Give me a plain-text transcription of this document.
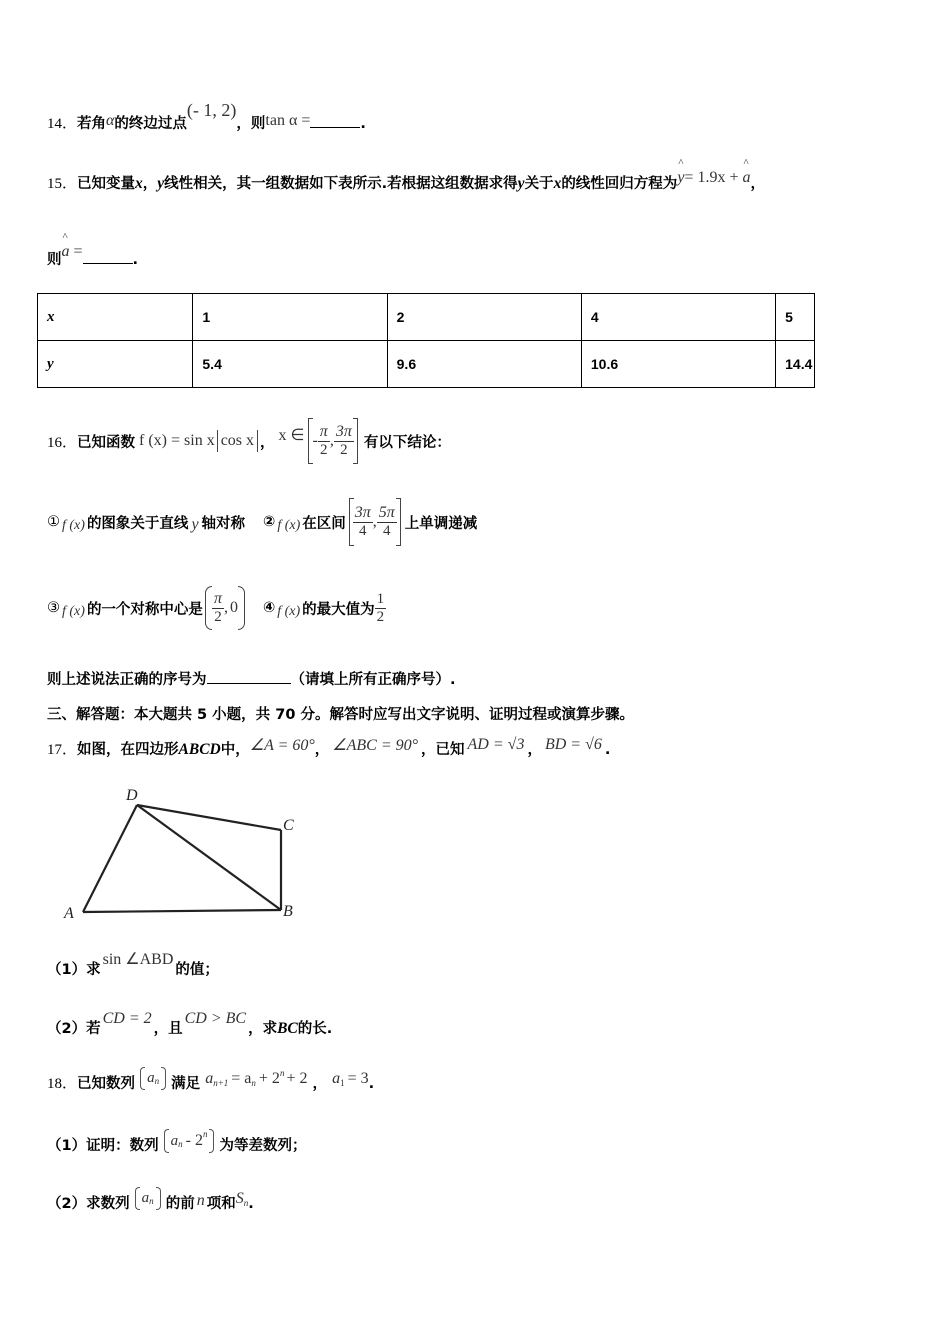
14．若角α的终边过点(- 1, 2)，则tan α =	.
15．已知变量x，y线性相关，其一组数据如下表所示.若根据这组数据求得y关于x的线性回归方程为^ y= 1.9x + ^ a，
则^ a =	.
x	1	2	4	5
y	5.4	9.6	10.6	14.4
16． 已知函数 f (x) = sin x cos x ， x ∈ - $\frac{\pi}{2}$ , $\frac{3\pi}{2}$ 有以下结论：
① f (x) 的图象关于直线 y 轴对称 ② f (x) 在区间 $\frac{3\pi}{4}$ , $\frac{5\pi}{4}$ 上单调递减
③ f (x) 的一个对称中心是 $\frac{\pi}{2}$ , 0 ④ f (x) 的最大值为 $\frac{1}{2}$
则上述说法正确的序号为	（请填上所有正确序号）.
三、解答题：本大题共 5 小题，共 70 分。解答时应写出文字说明、证明过程或演算步骤。
17．如图，在四边形ABCD中，∠A = 60°， ∠ABC = 90° ，已知 AD = √3 ， BD = √6 .
A	B
C
D
（1）求sin ∠ABD的值；
（2）若CD = 2，且CD > BC，求BC的长.
18．已知数列 a n 满足 $a_{n+1} = a_n + 2^n + 2$ ， $a_1 = 3$.
（1）证明：数列 a n - 2 n
为等差数列；
（2）求数列 a n 的前 n 项和$S_n$.
